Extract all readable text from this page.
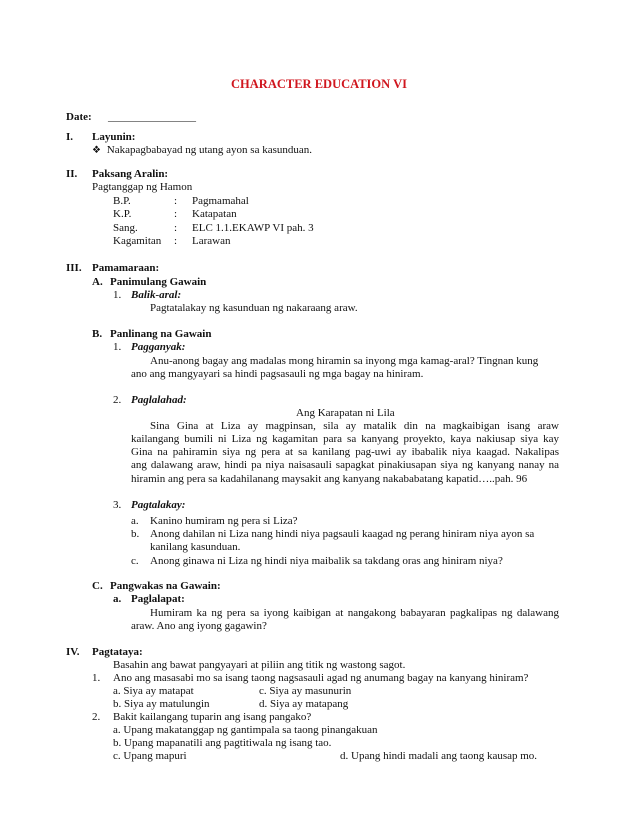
CHARACTER EDUCATION VI
Date: ________________
I. Layunin:
❖ Nakapagbabayad ng utang ayon sa kasunduan.
II. Paksang Aralin:
Pagtanggap ng Hamon
B.P.	: Pagmamahal
K.P.	: Katapatan
Sang.	: ELC 1.1.EKAWP VI pah. 3
Kagamitan : Larawan
III. Pamamaraan:
A. Panimulang Gawain
1. Balik-aral:
Pagtatalakay ng kasunduan ng nakaraang araw.
B. Panlinang na Gawain
1. Pagganyak:
Anu-anong bagay ang madalas mong hiramin sa inyong mga kamag-aral? Tingnan kung
ano ang mangyayari sa hindi pagsasauli ng mga bagay na hiniram.
2. Paglalahad:
Ang Karapatan ni Lila
Sina Gina at Liza ay magpinsan, sila ay matalik din na magkaibigan isang araw
kailangang bumili ni Liza ng kagamitan para sa kanyang proyekto, kaya nakiusap siya kay
Gina na pahiramin siya ng pera at sa kanilang pag-uwi ay ibabalik niya kaagad. Nakalipas
ang dalawang araw, hindi pa niya naisasauli sapagkat pinakiusapan siya ng kanyang nanay na
hiramin ang pera sa kadahilanang maysakit ang kanyang nakababatang kapatid…..pah. 96
3. Pagtalakay:
a. Kanino humiram ng pera si Liza?
b. Anong dahilan ni Liza nang hindi niya pagsauli kaagad ng perang hiniram niya ayon sa
kanilang kasunduan.
c. Anong ginawa ni Liza ng hindi niya maibalik sa takdang oras ang hiniram niya?
C. Pangwakas na Gawain:
a. Paglalapat:
Humiram ka ng pera sa iyong kaibigan at nangakong babayaran pagkalipas ng dalawang
araw. Ano ang iyong gagawin?
IV. Pagtataya:
Basahin ang bawat pangyayari at piliin ang titik ng wastong sagot.
1. Ano ang masasabi mo sa isang taong nagsasauli agad ng anumang bagay na kanyang hiniram?
a. Siya ay matapat	c. Siya ay masunurin
b. Siya ay matulungin	d. Siya ay matapang
2. Bakit kailangang tuparin ang isang pangako?
a. Upang makatanggap ng gantimpala sa taong pinangakuan
b. Upang mapanatili ang pagtitiwala ng isang tao.
c. Upang mapuri	d. Upang hindi madali ang taong kausap mo.
